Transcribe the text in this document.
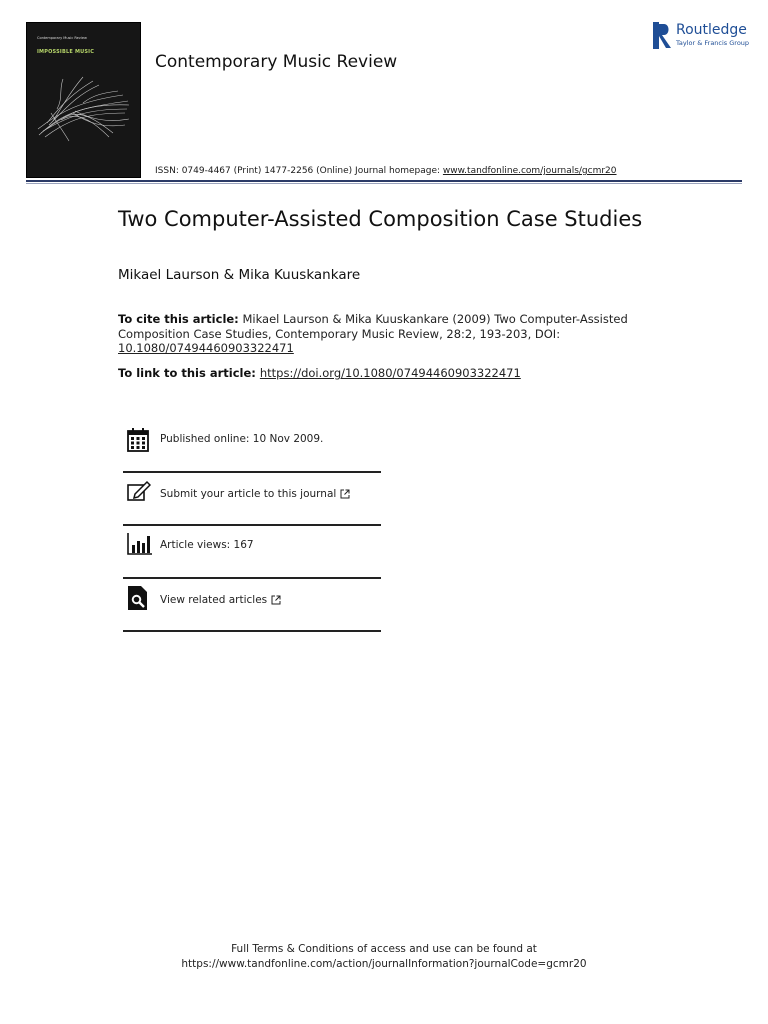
Contemporary Music Review
IMPOSSIBLE MUSIC	Contemporary Music Review
Routledge
Taylor & Francis Group
ISSN: 0749-4467 (Print) 1477-2256 (Online) Journal homepage: www.tandfonline.com/journals/gcmr20
Two Computer-Assisted Composition Case Studies
Mikael Laurson & Mika Kuuskankare
To cite this article: Mikael Laurson & Mika Kuuskankare (2009) Two Computer-Assisted Composition Case Studies, Contemporary Music Review, 28:2, 193-203, DOI:
10.1080/07494460903322471
To link to this article: https://doi.org/10.1080/07494460903322471
Published online: 10 Nov 2009.
Submit your article to this journal
Article views: 167
View related articles
Full Terms & Conditions of access and use can be found at
https://www.tandfonline.com/action/journalInformation?journalCode=gcmr20
